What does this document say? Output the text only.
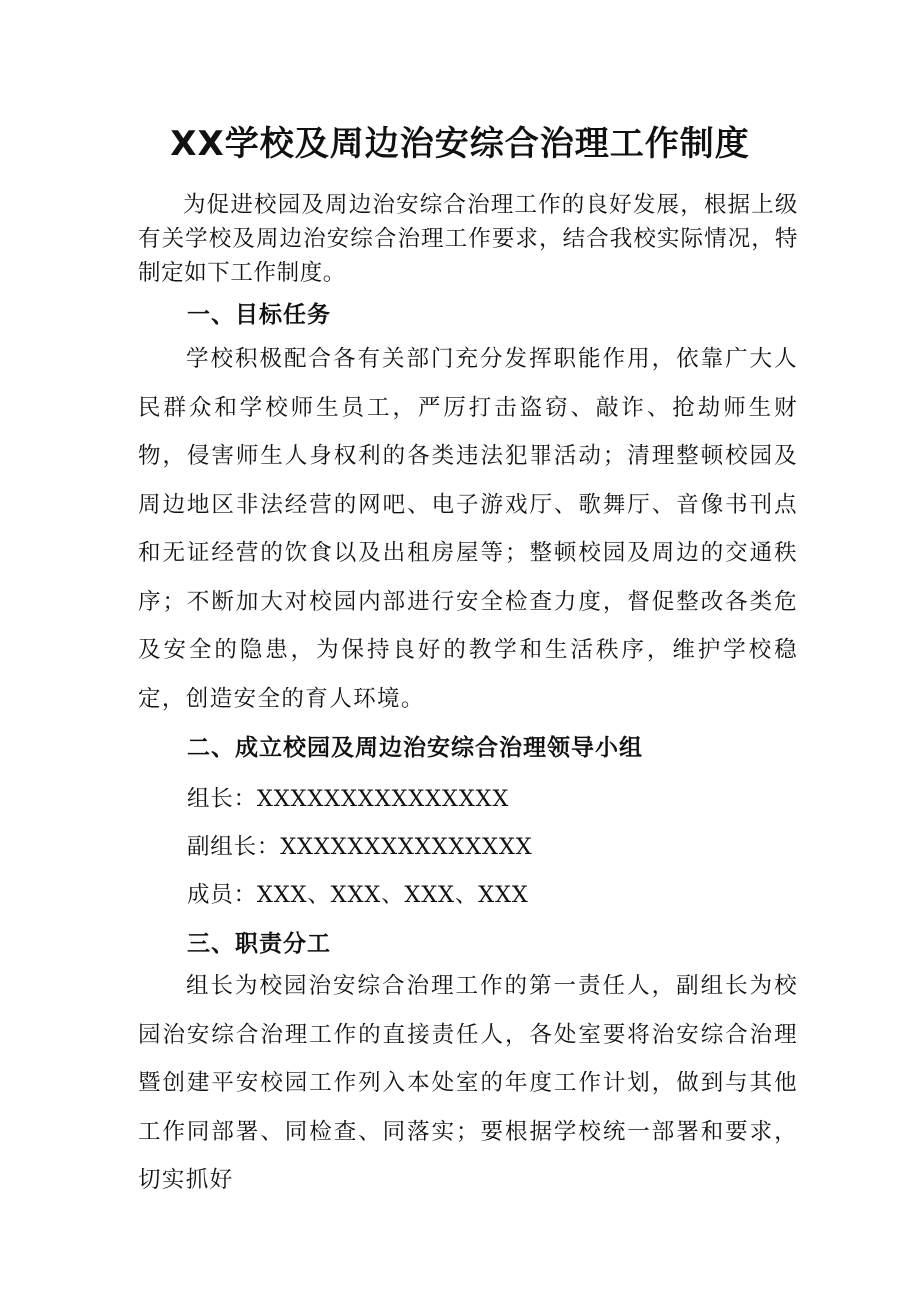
XX学校及周边治安综合治理工作制度
为促进校园及周边治安综合治理工作的良好发展，根据上级有关学校及周边治安综合治理工作要求，结合我校实际情况，特制定如下工作制度。
一、目标任务
学校积极配合各有关部门充分发挥职能作用，依靠广大人民群众和学校师生员工，严厉打击盗窃、敲诈、抢劫师生财物，侵害师生人身权利的各类违法犯罪活动；清理整顿校园及周边地区非法经营的网吧、电子游戏厅、歌舞厅、音像书刊点和无证经营的饮食以及出租房屋等；整顿校园及周边的交通秩序；不断加大对校园内部进行安全检查力度，督促整改各类危及安全的隐患，为保持良好的教学和生活秩序，维护学校稳定，创造安全的育人环境。
二、成立校园及周边治安综合治理领导小组
组长：XXXXXXXXXXXXXXX
副组长：XXXXXXXXXXXXXXX
成员：XXX、XXX、XXX、XXX
三、职责分工
组长为校园治安综合治理工作的第一责任人，副组长为校园治安综合治理工作的直接责任人，各处室要将治安综合治理暨创建平安校园工作列入本处室的年度工作计划，做到与其他工作同部署、同检查、同落实；要根据学校统一部署和要求，切实抓好
